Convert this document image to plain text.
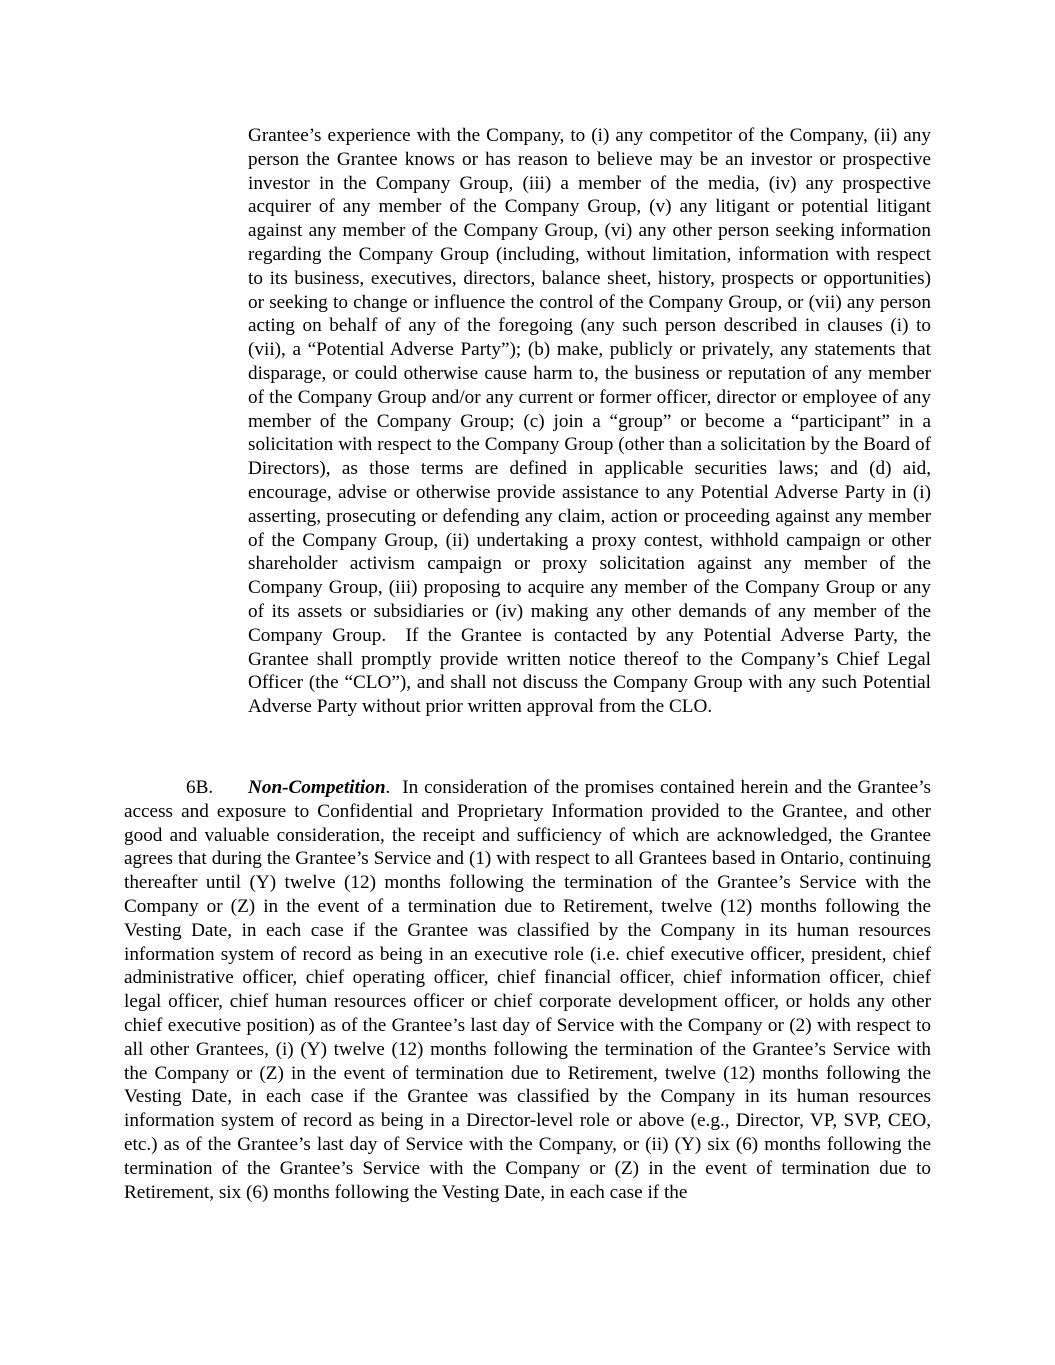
Grantee’s experience with the Company, to (i) any competitor of the Company, (ii) any person the Grantee knows or has reason to believe may be an investor or prospective investor in the Company Group, (iii) a member of the media, (iv) any prospective acquirer of any member of the Company Group, (v) any litigant or potential litigant against any member of the Company Group, (vi) any other person seeking information regarding the Company Group (including, without limitation, information with respect to its business, executives, directors, balance sheet, history, prospects or opportunities) or seeking to change or influence the control of the Company Group, or (vii) any person acting on behalf of any of the foregoing (any such person described in clauses (i) to (vii), a “Potential Adverse Party”); (b) make, publicly or privately, any statements that disparage, or could otherwise cause harm to, the business or reputation of any member of the Company Group and/or any current or former officer, director or employee of any member of the Company Group; (c) join a “group” or become a “participant” in a solicitation with respect to the Company Group (other than a solicitation by the Board of Directors), as those terms are defined in applicable securities laws; and (d) aid, encourage, advise or otherwise provide assistance to any Potential Adverse Party in (i) asserting, prosecuting or defending any claim, action or proceeding against any member of the Company Group, (ii) undertaking a proxy contest, withhold campaign or other shareholder activism campaign or proxy solicitation against any member of the Company Group, (iii) proposing to acquire any member of the Company Group or any of its assets or subsidiaries or (iv) making any other demands of any member of the Company Group.  If the Grantee is contacted by any Potential Adverse Party, the Grantee shall promptly provide written notice thereof to the Company’s Chief Legal Officer (the “CLO”), and shall not discuss the Company Group with any such Potential Adverse Party without prior written approval from the CLO.

6B. Non-Competition.  In consideration of the promises contained herein and the Grantee’s access and exposure to Confidential and Proprietary Information provided to the Grantee, and other good and valuable consideration, the receipt and sufficiency of which are acknowledged, the Grantee agrees that during the Grantee’s Service and (1) with respect to all Grantees based in Ontario, continuing thereafter until (Y) twelve (12) months following the termination of the Grantee’s Service with the Company or (Z) in the event of a termination due to Retirement, twelve (12) months following the Vesting Date, in each case if the Grantee was classified by the Company in its human resources information system of record as being in an executive role (i.e. chief executive officer, president, chief administrative officer, chief operating officer, chief financial officer, chief information officer, chief legal officer, chief human resources officer or chief corporate development officer, or holds any other chief executive position) as of the Grantee’s last day of Service with the Company or (2) with respect to all other Grantees, (i) (Y) twelve (12) months following the termination of the Grantee’s Service with the Company or (Z) in the event of termination due to Retirement, twelve (12) months following the Vesting Date, in each case if the Grantee was classified by the Company in its human resources information system of record as being in a Director-level role or above (e.g., Director, VP, SVP, CEO, etc.) as of the Grantee’s last day of Service with the Company, or (ii) (Y) six (6) months following the termination of the Grantee’s Service with the Company or (Z) in the event of termination due to Retirement, six (6) months following the Vesting Date, in each case if the
